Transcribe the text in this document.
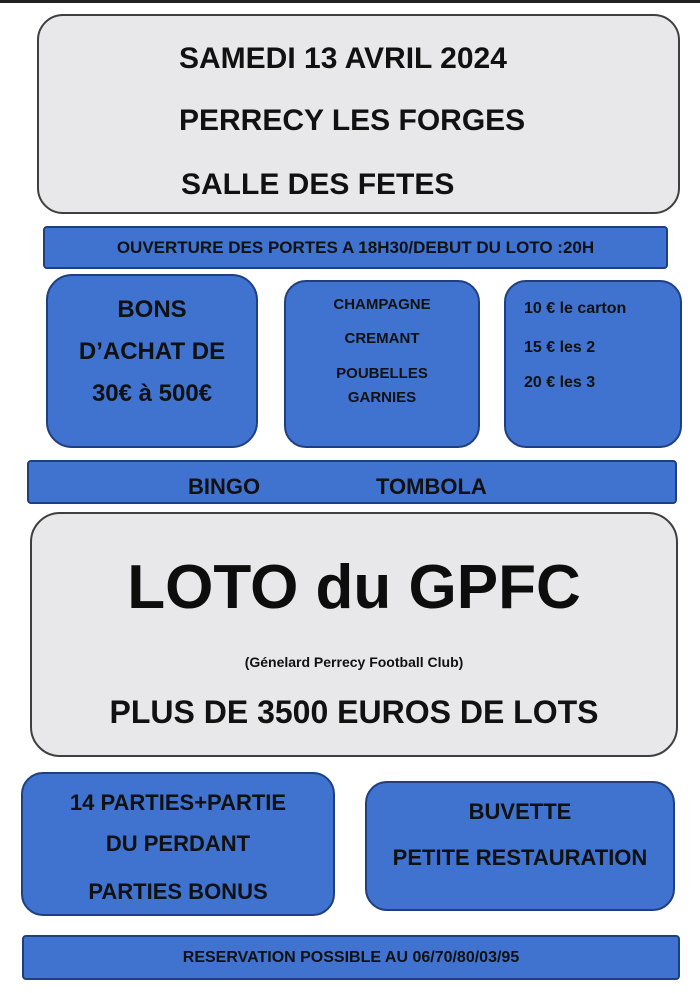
SAMEDI 13 AVRIL 2024
PERRECY LES FORGES
SALLE DES FETES
OUVERTURE DES PORTES A 18H30/DEBUT DU LOTO :20H
BONS
D’ACHAT DE
30€ à 500€
CHAMPAGNE
CREMANT
POUBELLES
GARNIES
10 € le carton
15 € les 2
20 € les 3
BINGO	TOMBOLA
LOTO du GPFC
(Génelard Perrecy Football Club)
PLUS DE 3500 EUROS DE LOTS
14 PARTIES+PARTIE
DU PERDANT
PARTIES BONUS
BUVETTE
PETITE RESTAURATION
RESERVATION POSSIBLE AU 06/70/80/03/95
